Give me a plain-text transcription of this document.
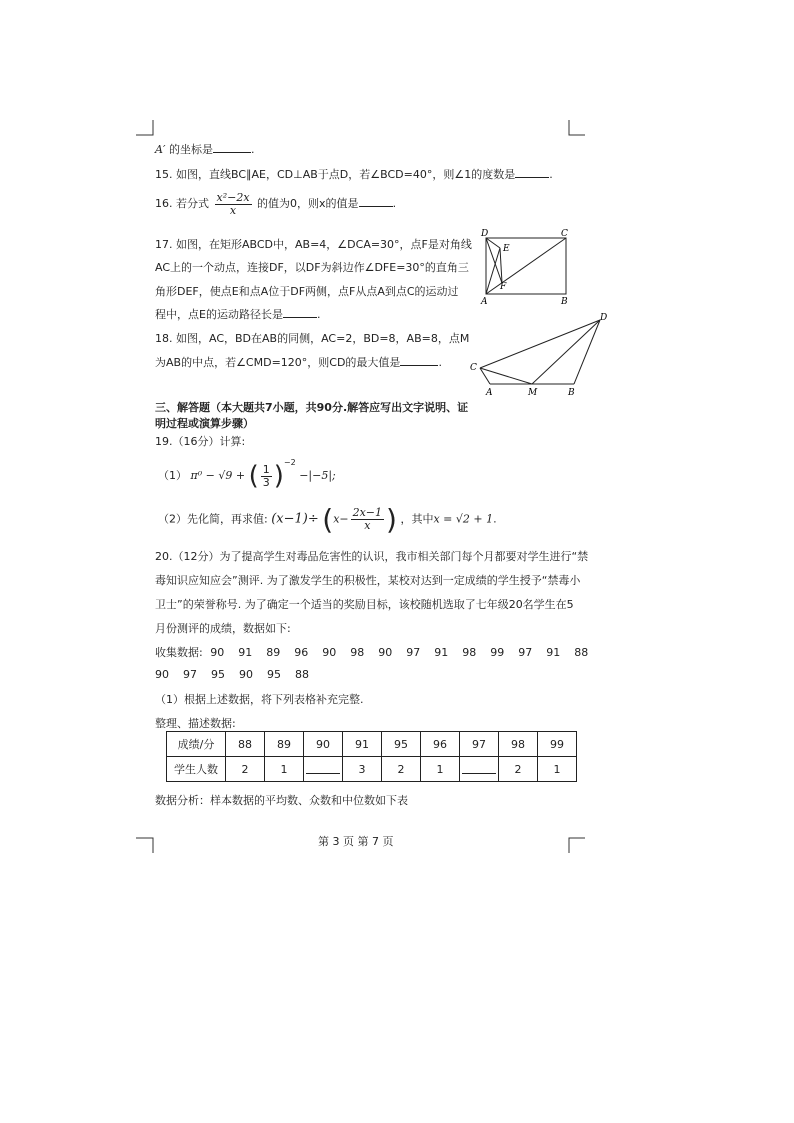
A′ 的坐标是	.
15. 如图，直线BC∥AE，CD⊥AB于点D，若∠BCD=40°，则∠1的度数是	.
16. 若分式 $\frac{\text{x²−2x}}{x}$ 的值为0，则x的值是	.
17. 如图，在矩形ABCD中，AB=4，∠DCA=30°，点F是对角线
AC上的一个动点，连接DF，以DF为斜边作∠DFE=30°的直角三
角形DEF，使点E和点A位于DF两侧，点F从点A到点C的运动过
程中，点E的运动路径长是	.
D	C
E
F
A	B
18. 如图，AC，BD在AB的同侧，AC=2，BD=8，AB=8，点M
为AB的中点，若∠CMD=120°，则CD的最大值是	.	C
D
A	M	B
三、解答题（本大题共7小题，共90分.解答应写出文字说明、证
明过程或演算步骤）
19.（16分）计算:
（1） π⁰ − √9 + ( $\frac{1}{3} )^{-2} -|-5|$;
（2）先化简，再求值: $(x-1)\div (x- \frac{2x-1}{x}$ ) ，其中x = √2 + 1.
20.（12分）为了提高学生对毒品危害性的认识，我市相关部门每个月都要对学生进行“禁
毒知识应知应会”测评. 为了激发学生的积极性，某校对达到一定成绩的学生授予“禁毒小
卫士”的荣誉称号. 为了确定一个适当的奖励目标，该校随机选取了七年级20名学生在5
月份测评的成绩，数据如下:
收集数据: 90 91 89 96 90 98 90 97 91 98 99 97 91 88
90 97 95 90 95 88
（1）根据上述数据，将下列表格补充完整.
整理、描述数据:
成绩/分	88	89	90	91	95	96	97	98	99
学生人数	2	1		3	2	1		2	1
数据分析：样本数据的平均数、众数和中位数如下表
第 3 页 第 7 页
